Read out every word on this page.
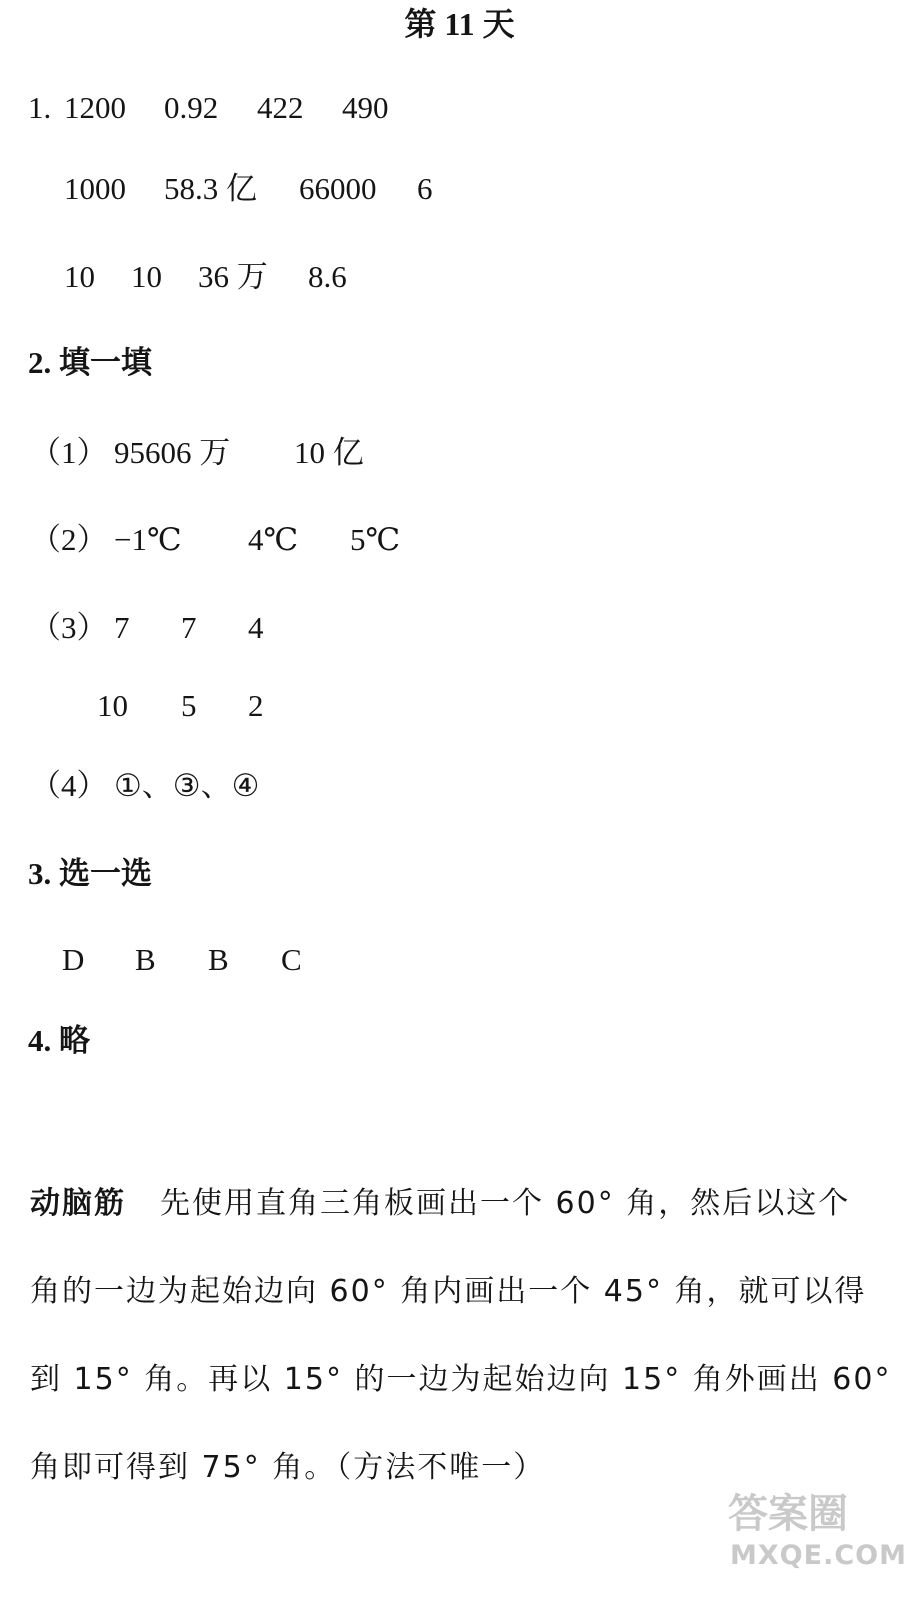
第 11 天
1. 1200 0.92 422 490
1000 58.3 亿 66000 6
10 10 36 万 8.6
2. 填一填
（1） 95606 万 10 亿
（2） −1℃ 4℃ 5℃
（3） 7 7 4
10 5 2
（4） ①、③、④
3. 选一选
D B B C
4. 略
动脑筋 先使用直角三角板画出一个 60° 角，然后以这个
角的一边为起始边向 60° 角内画出一个 45° 角，就可以得
到 15° 角。再以 15° 的一边为起始边向 15° 角外画出 60°
角即可得到 75° 角。（方法不唯一）
答案圈
MXQE.COM
